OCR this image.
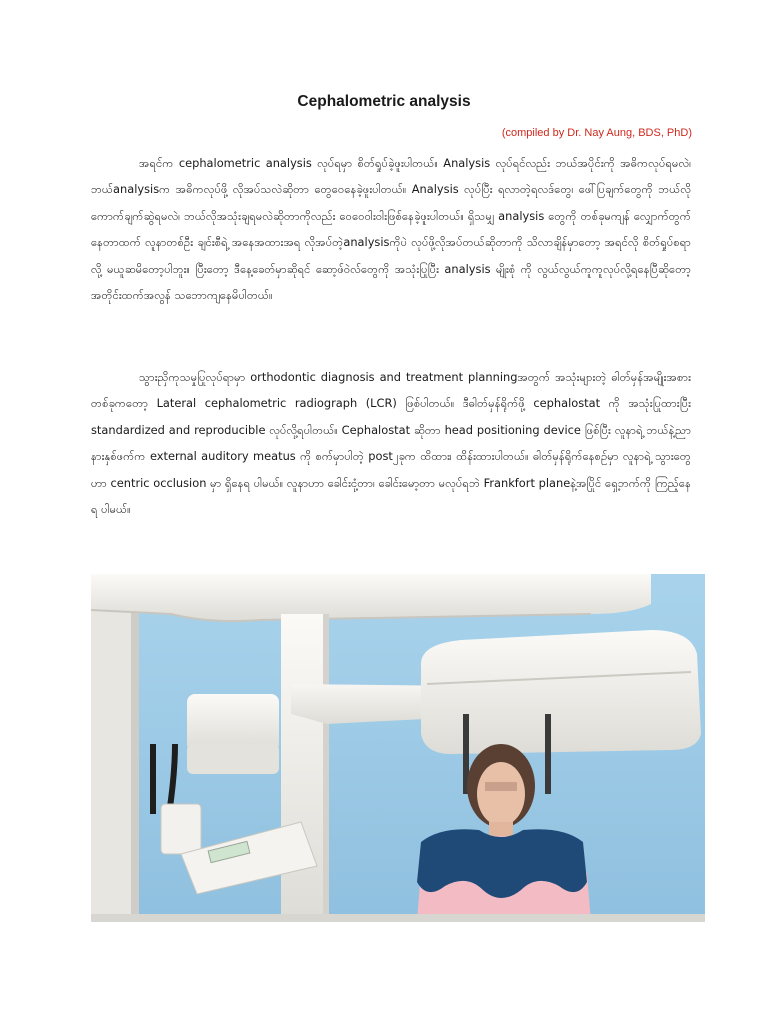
Cephalometric analysis
(compiled by Dr. Nay Aung, BDS, PhD)

အရင်က cephalometric analysis လုပ်ရမှာ စိတ်ရှုပ်ခဲ့ဖူးပါတယ်။ Analysis လုပ်ရင်လည်း ဘယ်အပိုင်းကို အဓိကလုပ်ရမလဲ၊ ဘယ်analysisက အဓိကလုပ်ဖို့ လိုအပ်သလဲဆိုတာ တွေဝေနေခဲ့ဖူးပါတယ်။ Analysis လုပ်ပြီး ရလာတဲ့ရလဒ်တွေ၊ ဖေါ်ပြချက်တွေကို ဘယ်လိုကောက်ချက်ဆွဲရမလဲ၊ ဘယ်လိုအသုံးချရမလဲဆိုတာကိုလည်း ဝေဝေဝါးဝါးဖြစ်နေခဲ့ဖူးပါတယ်။ ရှိသမျှ analysis တွေကို တစ်ခုမကျန် လျှောက်တွက်နေတာထက် လူနာတစ်ဦး ချင်းစီရဲ့ အနေအထားအရ လိုအပ်တဲ့analysisကိုပဲ လုပ်ဖို့လိုအပ်တယ်ဆိုတာကို သိလာချိန်မှာတော့ အရင်လို စိတ်ရှုပ်စရာလို့ မယူဆမိတော့ပါဘူး။ ပြီးတော့ ဒီနေ့ခေတ်မှာဆိုရင် ဆော့ဖ်ဝဲလ်တွေကို အသုံးပြုပြီး analysis မျိုးစုံ ကို လွယ်လွယ်ကူကူလုပ်လို့ရနေပြီဆိုတော့ အတိုင်းထက်အလွန် သဘောကျနေမိပါတယ်။

သွားညှိကုသမှုပြုလုပ်ရာမှာ orthodontic diagnosis and treatment planningအတွက် အသုံးများတဲ့ ဓါတ်မှန်အမျိုးအစားတစ်ခုကတော့ Lateral cephalometric radiograph (LCR) ဖြစ်ပါတယ်။ ဒီဓါတ်မှန်ရိုက်ဖို့ cephalostat ကို အသုံးပြုထားပြီး standardized and reproducible လုပ်လို့ရပါတယ်။ Cephalostat ဆိုတာ head positioning device ဖြစ်ပြီး လူနာရဲ့ ဘယ်နဲ့ညာနားနှစ်ဖက်က external auditory meatus ကို စက်မှာပါတဲ့ post၂ခုက ထိထား၊ ထိန်းထားပါတယ်။ ဓါတ်မှန်ရိုက်နေစဉ်မှာ လူနာရဲ့ သွားတွေဟာ centric occlusion မှာ ရှိနေရ ပါမယ်။ လူနာဟာ ခေါင်းငုံ့တာ၊ ခေါင်းမော့တာ မလုပ်ရဘဲ Frankfort planeနဲ့အပြိုင် ရှေ့ဘက်ကို ကြည့်နေရ ပါမယ်။
